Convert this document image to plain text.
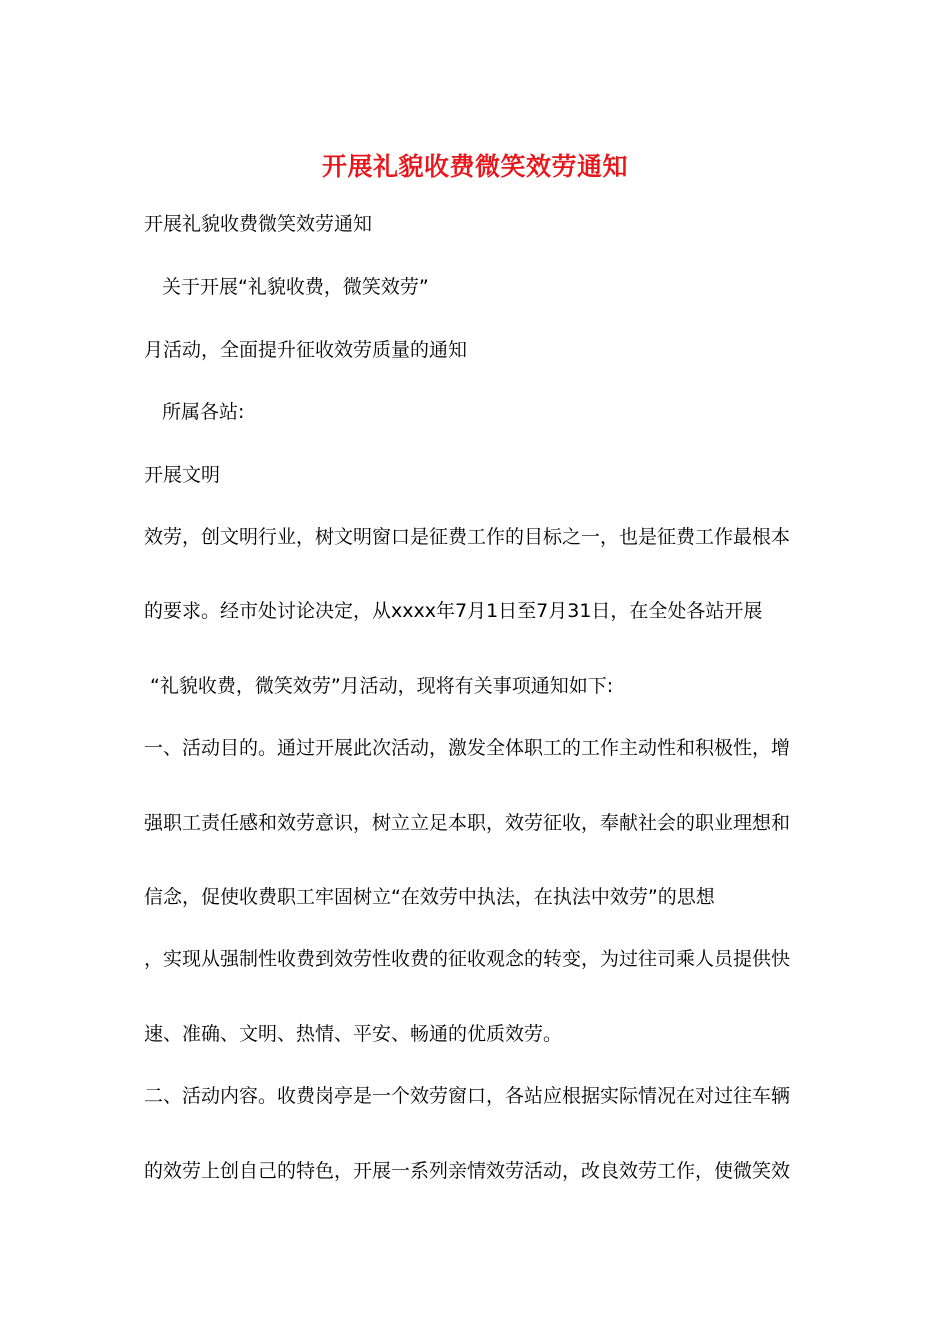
开展礼貌收费微笑效劳通知
开展礼貌收费微笑效劳通知
关于开展“礼貌收费，微笑效劳”
月活动，全面提升征收效劳质量的通知
所属各站:
开展文明
效劳，创文明行业，树文明窗口是征费工作的目标之一，也是征费工作最根本
的要求。经市处讨论决定，从xxxx年7月1日至7月31日，在全处各站开展
“礼貌收费，微笑效劳”月活动，现将有关事项通知如下:
一、活动目的。通过开展此次活动，激发全体职工的工作主动性和积极性，增
强职工责任感和效劳意识，树立立足本职，效劳征收，奉献社会的职业理想和
信念，促使收费职工牢固树立“在效劳中执法，在执法中效劳”的思想
，实现从强制性收费到效劳性收费的征收观念的转变，为过往司乘人员提供快
速、准确、文明、热情、平安、畅通的优质效劳。
二、活动内容。收费岗亭是一个效劳窗口，各站应根据实际情况在对过往车辆
的效劳上创自己的特色，开展一系列亲情效劳活动，改良效劳工作，使微笑效
